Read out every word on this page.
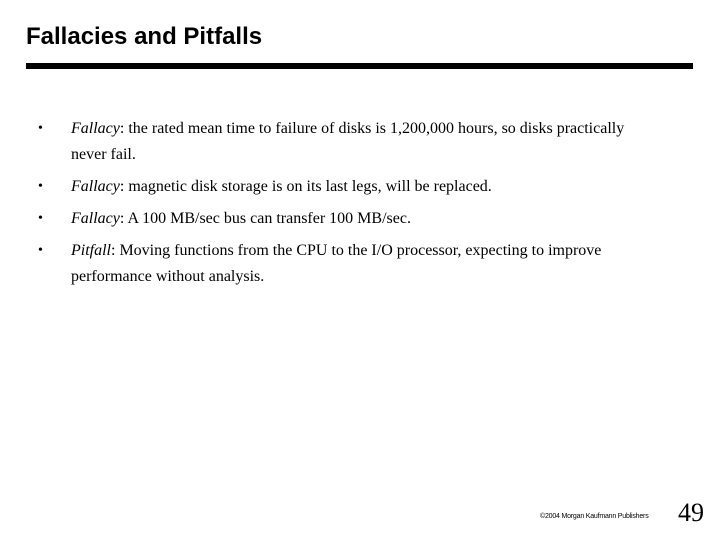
Fallacies and Pitfalls
• Fallacy: the rated mean time to failure of disks is 1,200,000 hours, so disks practically never fail.
• Fallacy: magnetic disk storage is on its last legs, will be replaced.
• Fallacy: A 100 MB/sec bus can transfer 100 MB/sec.
• Pitfall: Moving functions from the CPU to the I/O processor, expecting to improve performance without analysis.
©2004 Morgan Kaufmann Publishers 49
